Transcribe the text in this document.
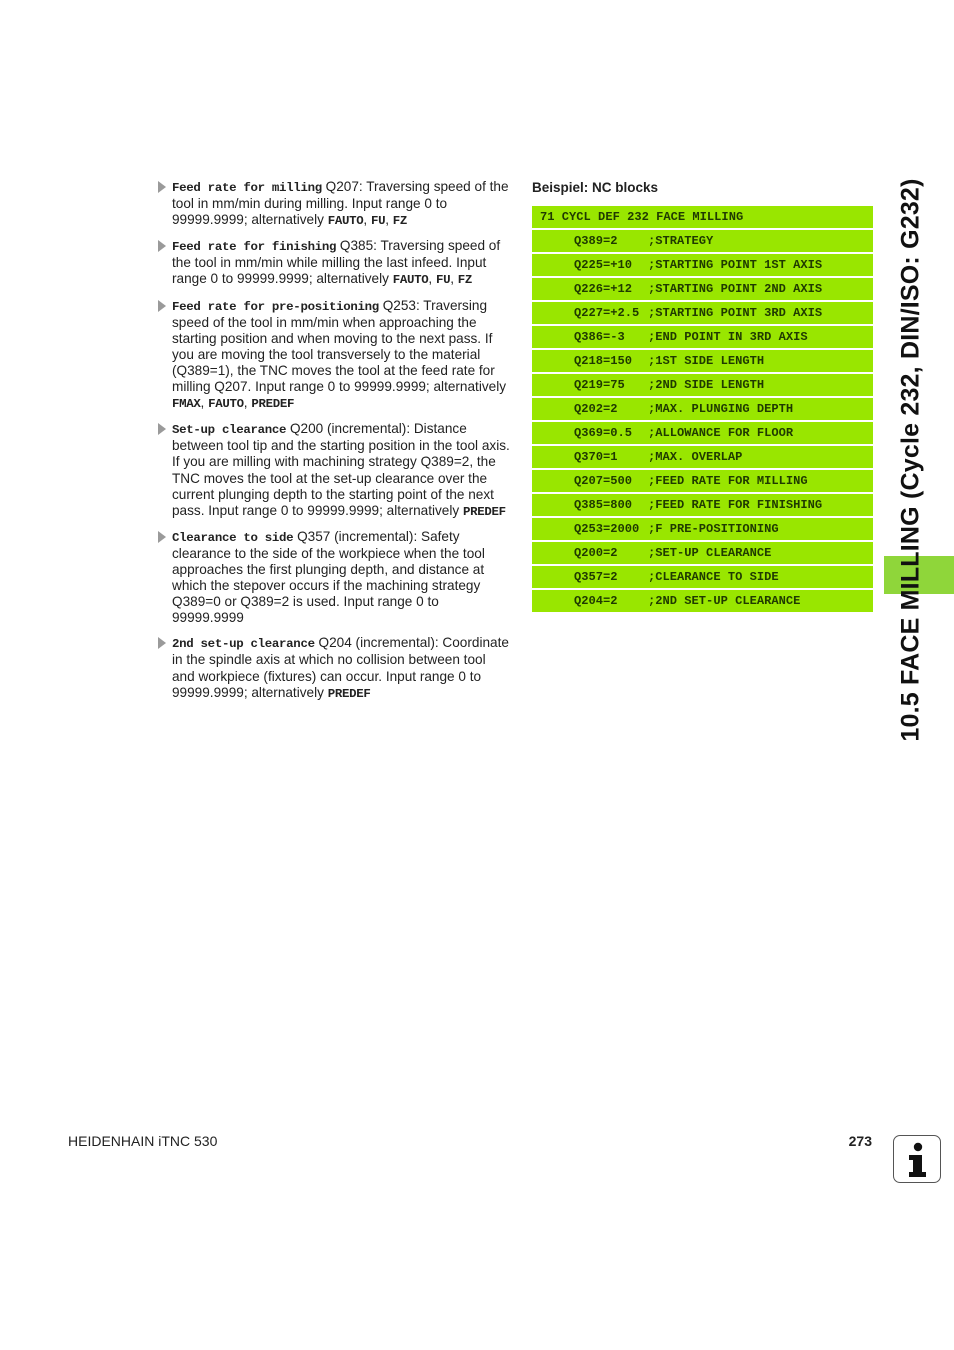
Feed rate for milling Q207: Traversing speed of the tool in mm/min during milling. Input range 0 to 99999.9999; alternatively FAUTO, FU, FZ
Feed rate for finishing Q385: Traversing speed of the tool in mm/min while milling the last infeed. Input range 0 to 99999.9999; alternatively FAUTO, FU, FZ
Feed rate for pre-positioning Q253: Traversing speed of the tool in mm/min when approaching the starting position and when moving to the next pass. If you are moving the tool transversely to the material (Q389=1), the TNC moves the tool at the feed rate for milling Q207. Input range 0 to 99999.9999; alternatively FMAX, FAUTO, PREDEF
Set-up clearance Q200 (incremental): Distance between tool tip and the starting position in the tool axis. If you are milling with machining strategy Q389=2, the TNC moves the tool at the set-up clearance over the current plunging depth to the starting point of the next pass. Input range 0 to 99999.9999; alternatively PREDEF
Clearance to side Q357 (incremental): Safety clearance to the side of the workpiece when the tool approaches the first plunging depth, and distance at which the stepover occurs if the machining strategy Q389=0 or Q389=2 is used. Input range 0 to 99999.9999
2nd set-up clearance Q204 (incremental): Coordinate in the spindle axis at which no collision between tool and workpiece (fixtures) can occur. Input range 0 to 99999.9999; alternatively PREDEF
Beispiel: NC blocks
71 CYCL DEF 232 FACE MILLING
Q389=2	;STRATEGY
Q225=+10 ;STARTING POINT 1ST AXIS
Q226=+12 ;STARTING POINT 2ND AXIS
Q227=+2.5 ;STARTING POINT 3RD AXIS
Q386=-3 ;END POINT IN 3RD AXIS
Q218=150 ;1ST SIDE LENGTH
Q219=75 ;2ND SIDE LENGTH
Q202=2	;MAX. PLUNGING DEPTH
Q369=0.5 ;ALLOWANCE FOR FLOOR
Q370=1	;MAX. OVERLAP
Q207=500 ;FEED RATE FOR MILLING
Q385=800 ;FEED RATE FOR FINISHING
Q253=2000 ;F PRE-POSITIONING
Q200=2	;SET-UP CLEARANCE
Q357=2	;CLEARANCE TO SIDE
Q204=2	;2ND SET-UP CLEARANCE	10.5 FACE MILLING (Cycle 232, DIN/ISO: G232)
HEIDENHAIN iTNC 530	273
